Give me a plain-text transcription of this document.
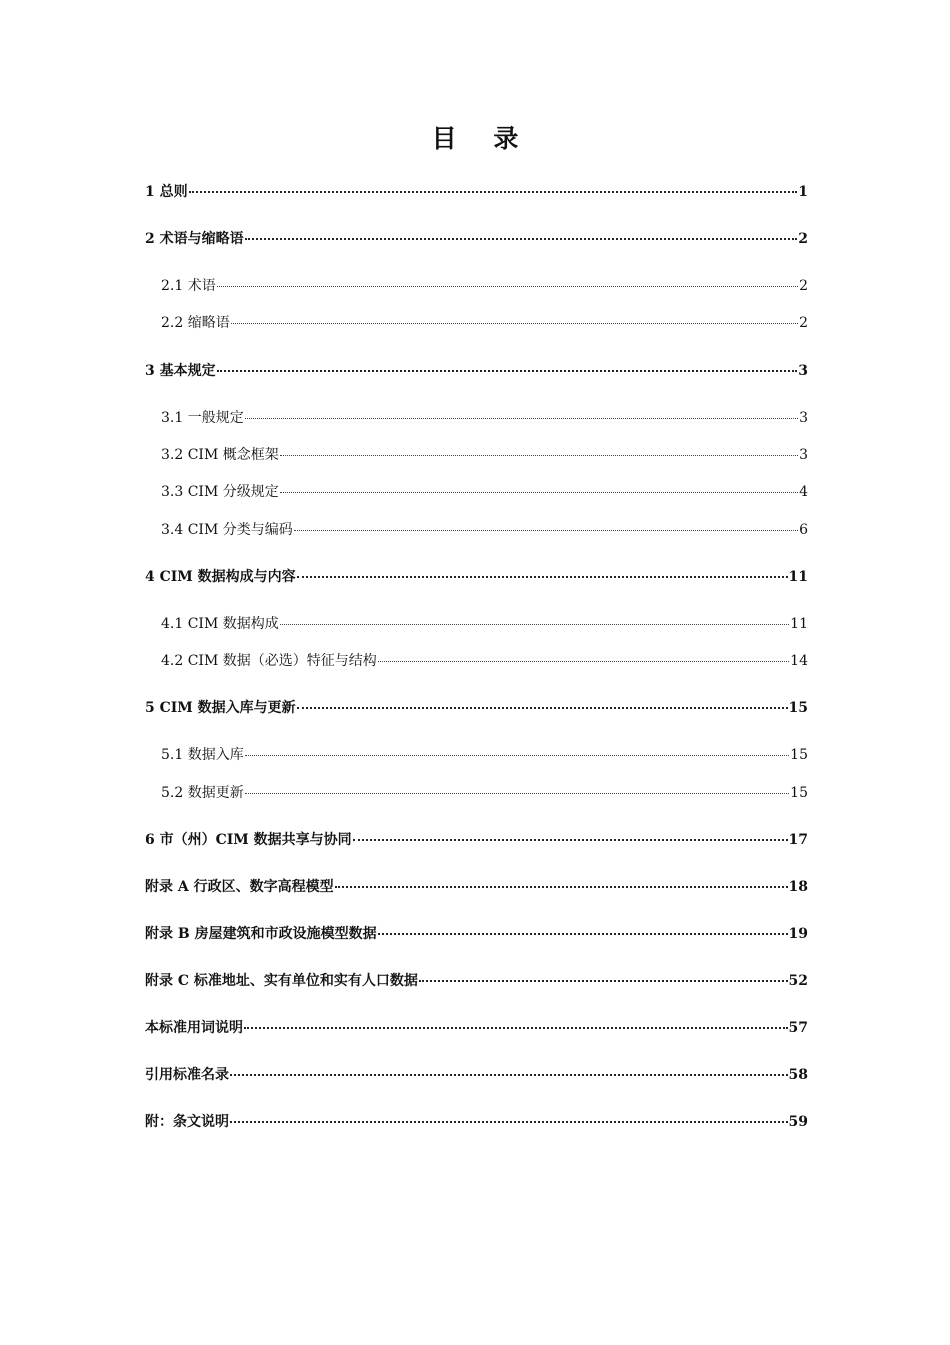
目 录
1 总则	1
2 术语与缩略语	2
2.1 术语	2
2.2 缩略语	2
3 基本规定	3
3.1 一般规定	3
3.2 CIM 概念框架	3
3.3 CIM 分级规定	4
3.4 CIM 分类与编码	6
4 CIM 数据构成与内容	11
4.1 CIM 数据构成	11
4.2 CIM 数据（必选）特征与结构	14
5 CIM 数据入库与更新	15
5.1 数据入库	15
5.2 数据更新	15
6 市（州）CIM 数据共享与协同	17
附录 A 行政区、数字高程模型	18
附录 B 房屋建筑和市政设施模型数据	19
附录 C 标准地址、实有单位和实有人口数据	52
本标准用词说明	57
引用标准名录	58
附：条文说明	59
